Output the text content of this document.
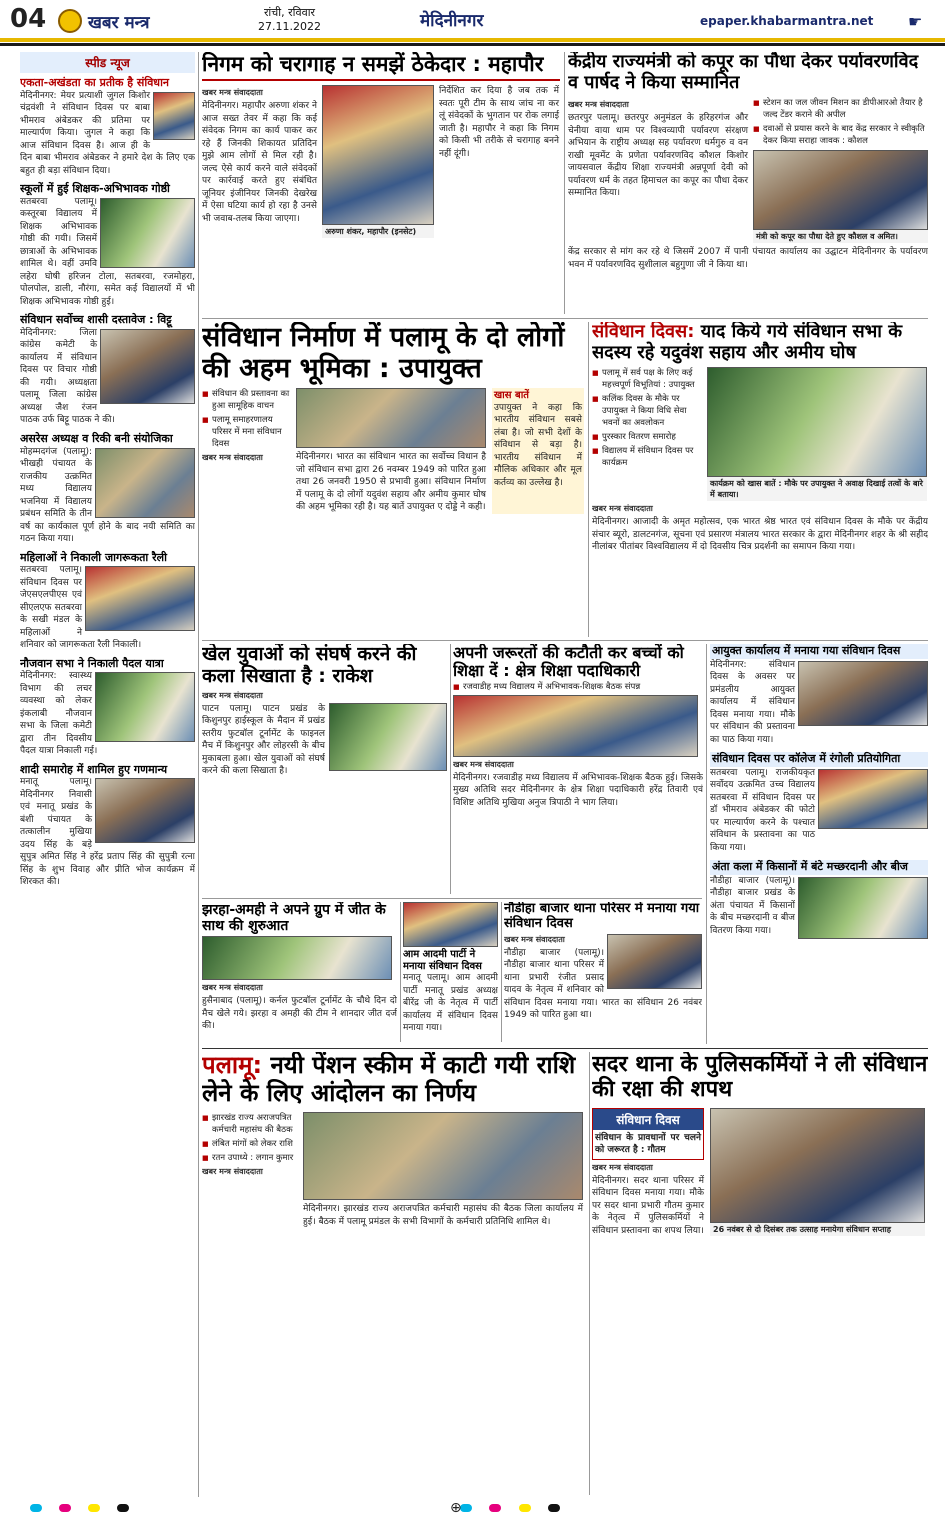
04 खबर मन्त्र
रांची, रविवार
27.11.2022	मेदिनीनगर	epaper.khabarmantra.net ☛
स्पीड न्यूज
एकता-अखंडता का प्रतीक है संविधान
मेदिनीनगर: मेयर प्रत्याशी जुगल किशोर चंद्रवंशी ने संविधान दिवस पर बाबा भीमराव अंबेडकर की प्रतिमा पर माल्यार्पण किया। जुगल ने कहा कि आज संविधान दिवस है। आज ही के दिन बाबा भीमराव अंबेडकर ने हमारे देश के लिए एक बहुत ही बड़ा संविधान दिया।
स्कूलों में हुई शिक्षक-अभिभावक गोष्ठी
सतबरवा पलामू। कस्तूरबा विद्यालय में शिक्षक अभिभावक गोष्ठी की गयी। जिसमें छात्राओं के अभिभावक शामिल थे। वहीं उमवि लहेरा घोषी हरिजन टोला, सतबरवा, रजमोहरा, पोलपोल, डाली, नौरंगा, समेत कई विद्यालयों में भी शिक्षक अभिभावक गोष्ठी हुई।
संविधान सर्वोच्च शासी दस्तावेज : विट्टू
मेदिनीनगर: जिला कांग्रेस कमेटी के कार्यालय में संविधान दिवस पर विचार गोष्ठी की गयी। अध्यक्षता पलामू जिला कांग्रेस अध्यक्ष जैश रंजन पाठक उर्फ बिट्टू पाठक ने की।
असरेस अध्यक्ष व रिकी बनी संयोजिका
मोहम्मदगंज (पलामू): भीखही पंचायत के राजकीय उत्क्रमित मध्य विद्यालय भजनिया में विद्यालय प्रबंधन समिति के तीन वर्ष का कार्यकाल पूर्ण होने के बाद नयी समिति का गठन किया गया।
महिलाओं ने निकाली जागरूकता रैली
सतबरवा पलामू। संविधान दिवस पर जेएसएलपीएस एवं सीएलएफ सतबरवा के सखी मंडल के महिलाओं ने शनिवार को जागरूकता रैली निकाली।
नौजवान सभा ने निकाली पैदल यात्रा
मेदिनीनगर: स्वास्थ्य विभाग की लचर व्यवस्था को लेकर इंकलाबी नौजवान सभा के जिला कमेटी द्वारा तीन दिवसीय पैदल यात्रा निकाली गई।
शादी समारोह में शामिल हुए गणमान्य
मनातू पलामू। मेदिनीनगर निवासी एवं मनातू प्रखंड के बंशी पंचायत के तत्कालीन मुखिया उदय सिंह के बड़े सुपुत्र अमित सिंह ने हरेंद्र प्रताप सिंह की सुपुत्री रत्ना सिंह के शुभ विवाह और प्रीति भोज कार्यक्रम में शिरकत की।
निगम को चरागाह न समझें ठेकेदार : महापौर
खबर मन्त्र संवाददाता
मेदिनीनगर। महापौर अरुणा शंकर ने आज सख्त तेवर में कहा कि कई संवेदक निगम का कार्य पाकर कर रहे हैं जिनकी शिकायत प्रतिदिन मुझे आम लोगों से मिल रही है। जल्द ऐसे कार्य करने वाले संवेदकों पर कार्रवाई करते हुए संबंधित जूनियर इंजीनियर जिनकी देखरेख में ऐसा घटिया कार्य हो रहा है उनसे भी जवाब-तलब किया जाएगा।
अरुणा शंकर, महापौर (इनसेट)
निर्देशित कर दिया है जब तक में स्वतः पूरी टीम के साथ जांच ना कर लूं संवेदकों के भुगतान पर रोक लगाई जाती है। महापौर ने कहा कि निगम को किसी भी तरीके से चरागाह बनने नहीं दूंगी।
केंद्रीय राज्यमंत्री को कपूर का पौधा देकर पर्यावरणविद व पार्षद ने किया सम्मानित
खबर मन्त्र संवाददाता
छतरपुर पलामू। छतरपुर अनुमंडल के हरिहरगंज और चेनीया वाया धाम पर विश्वव्यापी पर्यावरण संरक्षण अभियान के राष्ट्रीय अध्यक्ष सह पर्यावरण धर्मगुरु व वन राखी मूवमेंट के प्रणेता पर्यावरणविद कौशल किशोर जायसवाल केंद्रीय शिक्षा राज्यमंत्री अन्नपूर्णा देवी को पर्यावरण धर्म के तहत हिमाचल का कपूर का पौधा देकर सम्मानित किया।
■ स्टेशन का जल जीवन मिशन का डीपीआरओ तैयार है जल्द टेंडर कराने की अपील
■ दवाओं से प्रयास करने के बाद केंद्र सरकार ने स्वीकृति देकर किया सराहा जावक : कौशल
मंत्री को कपूर का पौधा देते हुए कौशल व अमित।
केंद्र सरकार से मांग कर रहे थे जिसमें 2007 में पानी पंचायत कार्यालय का उद्घाटन मेदिनीनगर के पर्यावरण भवन में पर्यावरणविद सुशीलाल बहुगुणा जी ने किया था।
संविधान निर्माण में पलामू के दो लोगों की अहम भूमिका : उपायुक्त
■ संविधान की प्रस्तावना का हुआ सामूहिक वाचन
■ पलामू समाहरणालय परिसर में मना संविधान दिवस
खबर मन्त्र संवाददाता	मेदिनीनगर। भारत का संविधान भारत का सर्वोच्च विधान है जो संविधान सभा द्वारा 26 नवम्बर 1949 को पारित हुआ तथा 26 जनवरी 1950 से प्रभावी हुआ। संविधान निर्माण में पलामू के दो लोगों यदुवंश सहाय और अमीय कुमार घोष की अहम भूमिका रही है। यह बातें उपायुक्त ए दोड्डे ने कही।
खास बातें
उपायुक्त ने कहा कि भारतीय संविधान सबसे लंबा है। जो सभी देशों के संविधान से बड़ा है। भारतीय संविधान में मौलिक अधिकार और मूल कर्तव्य का उल्लेख है।
संविधान दिवस: याद किये गये संविधान सभा के सदस्य रहे यदुवंश सहाय और अमीय घोष
■ पलामू में सर्व पक्ष के लिए कई महत्त्वपूर्ण विभूतियां : उपायुक्त
■ कलिंक दिवस के मौके पर उपायुक्त ने किया विधि सेवा भवनों का अवलोकन
■ पुरस्कार वितरण समारोह
■ विद्यालय में संविधान दिवस पर कार्यक्रम
कार्यक्रम को खास बातें : मौके पर उपायुक्त ने अवाक्ष दिखाई तत्वों के बारे में बताया।
खबर मन्त्र संवाददाता
मेदिनीनगर। आजादी के अमृत महोत्सव, एक भारत श्रेष्ठ भारत एवं संविधान दिवस के मौके पर केंद्रीय संचार ब्यूरो, डालटनगंज, सूचना एवं प्रसारण मंत्रालय भारत सरकार के द्वारा मेदिनीनगर शहर के श्री सहीद नीलांबर पीतांबर विश्वविद्यालय में दो दिवसीय चित्र प्रदर्शनी का समापन किया गया।
खेल युवाओं को संघर्ष करने की कला सिखाता है : राकेश
खबर मन्त्र संवाददाता
पाटन पलामू। पाटन प्रखंड के किशुनपुर हाईस्कूल के मैदान में प्रखंड स्तरीय फुटबॉल टूर्नामेंट के फाइनल मैच में किशुनपुर और लोहरसी के बीच मुकाबला हुआ। खेल युवाओं को संघर्ष करने की कला सिखाता है।
अपनी जरूरतों की कटौती कर बच्चों को शिक्षा दें : क्षेत्र शिक्षा पदाधिकारी
■ रजवाडीह मध्य विद्यालय में अभिभावक-शिक्षक बैठक संपन्न
खबर मन्त्र संवाददाता
मेदिनीनगर। रजवाडीह मध्य विद्यालय में अभिभावक-शिक्षक बैठक हुई। जिसके मुख्य अतिथि सदर मेदिनीनगर के क्षेत्र शिक्षा पदाधिकारी हरेंद्र तिवारी एवं विशिष्ट अतिथि मुखिया अनुज त्रिपाठी ने भाग लिया।
आयुक्त कार्यालय में मनाया गया संविधान दिवस
मेदिनीनगर: संविधान दिवस के अवसर पर प्रमंडलीय आयुक्त कार्यालय में संविधान दिवस मनाया गया। मौके पर संविधान की प्रस्तावना का पाठ किया गया।
संविधान दिवस पर कॉलेज में रंगोली प्रतियोगिता
सतबरवा पलामू। राजकीयकृत सर्वोदय उत्क्रमित उच्च विद्यालय सतबरवा में संविधान दिवस पर डॉ भीमराव अंबेडकर की फोटो पर माल्यार्पण करने के पश्चात संविधान के प्रस्तावना का पाठ किया गया।
अंता कला में किसानों में बंटे मच्छरदानी और बीज
नौडीहा बाजार (पलामू)। नौडीहा बाजार प्रखंड के अंता पंचायत में किसानों के बीच मच्छरदानी व बीज वितरण किया गया।
झरहा-अमही ने अपने ग्रुप में जीत के साथ की शुरुआत
खबर मन्त्र संवाददाता
हुसैनाबाद (पलामू)। कर्नल फुटबॉल टूर्नामेंट के चौथे दिन दो मैच खेले गये। झरहा व अमही की टीम ने शानदार जीत दर्ज की।
आम आदमी पार्टी ने मनाया संविधान दिवस
मनातू पलामू। आम आदमी पार्टी मनातू प्रखंड अध्यक्ष बीरेंद्र जी के नेतृत्व में पार्टी कार्यालय में संविधान दिवस मनाया गया।
नौडीहा बाजार थाना परिसर में मनाया गया संविधान दिवस
खबर मन्त्र संवाददाता
नौडीहा बाजार (पलामू)। नौडीहा बाजार थाना परिसर में थाना प्रभारी रंजीत प्रसाद यादव के नेतृत्व में शनिवार को संविधान दिवस मनाया गया। भारत का संविधान 26 नवंबर 1949 को पारित हुआ था।
पलामू: नयी पेंशन स्कीम में काटी गयी राशि लेने के लिए आंदोलन का निर्णय
■ झारखंड राज्य अराजपत्रित कर्मचारी महासंघ की बैठक
■ लंबित मांगों को लेकर राशि
■ रतन उपाध्ये : लगान कुमार
खबर मन्त्र संवाददाता
मेदिनीनगर। झारखंड राज्य अराजपत्रित कर्मचारी महासंघ की बैठक जिला कार्यालय में हुई। बैठक में पलामू प्रमंडल के सभी विभागों के कर्मचारी प्रतिनिधि शामिल थे।
सदर थाना के पुलिसकर्मियों ने ली संविधान की रक्षा की शपथ
संविधान दिवस
संविधान के प्रावधानों पर चलने को जरूरत है : गौतम
खबर मन्त्र संवाददाता
मेदिनीनगर। सदर थाना परिसर में संविधान दिवस मनाया गया। मौके पर सदर थाना प्रभारी गौतम कुमार के नेतृत्व में पुलिसकर्मियों ने संविधान प्रस्तावना का शपथ लिया।	26 नवंबर से दो दिसंबर तक उत्साह मनायेगा संविधान सप्ताह

⊕
